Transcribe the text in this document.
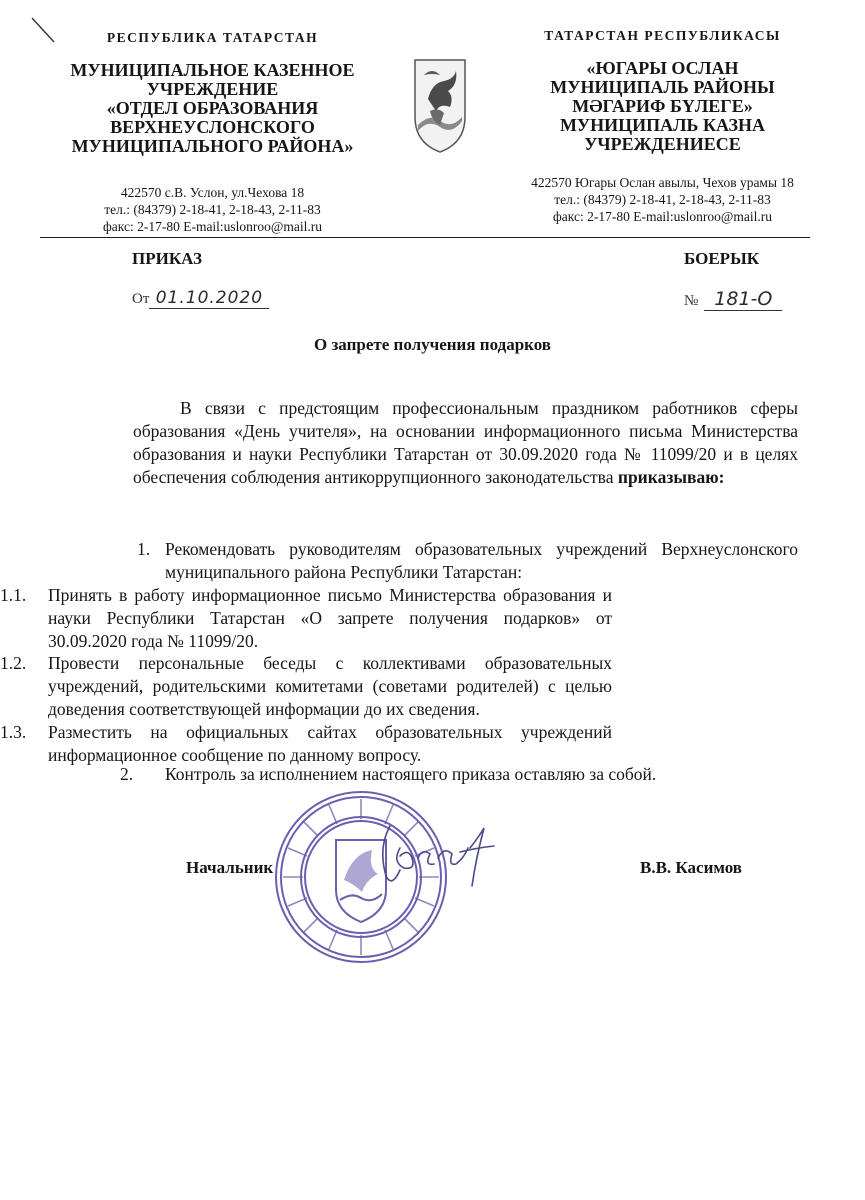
РЕСПУБЛИКА ТАТАРСТАН
МУНИЦИПАЛЬНОЕ КАЗЕННОЕ
УЧРЕЖДЕНИЕ
«ОТДЕЛ ОБРАЗОВАНИЯ
ВЕРХНЕУСЛОНСКОГО
МУНИЦИПАЛЬНОГО РАЙОНА»
422570 с.В. Услон, ул.Чехова 18
тел.: (84379) 2-18-41, 2-18-43, 2-11-83
факс: 2-17-80 E-mail:uslonroo@mail.ru
ТАТАРСТАН РЕСПУБЛИКАСЫ
«ЮГАРЫ ОСЛАН
МУНИЦИПАЛЬ РАЙОНЫ
МӘГАРИФ БҮЛЕГЕ»
МУНИЦИПАЛЬ КАЗНА
УЧРЕЖДЕНИЕСЕ
422570 Югары Ослан авылы, Чехов урамы 18
тел.: (84379) 2-18-41, 2-18-43, 2-11-83
факс: 2-17-80 E-mail:uslonroo@mail.ru
ПРИКАЗ	БОЕРЫК
От 01.10.2020	№ 181-О
О запрете получения подарков
В связи с предстоящим профессиональным праздником работников сферы образования «День учителя», на основании информационного письма Министерства образования и науки Республики Татарстан от 30.09.2020 года № 11099/20 и в целях обеспечения соблюдения антикоррупционного законодательства приказываю:
1. Рекомендовать руководителям образовательных учреждений Верхнеуслонского муниципального района Республики Татарстан:
1.1. Принять в работу информационное письмо Министерства образования и науки Республики Татарстан «О запрете получения подарков» от 30.09.2020 года № 11099/20.
1.2. Провести персональные беседы с коллективами образовательных учреждений, родительскими комитетами (советами родителей) с целью доведения соответствующей информации до их сведения.
1.3. Разместить на официальных сайтах образовательных учреждений информационное сообщение по данному вопросу.
2. Контроль за исполнением настоящего приказа оставляю за собой.
Начальник	В.В. Касимов
